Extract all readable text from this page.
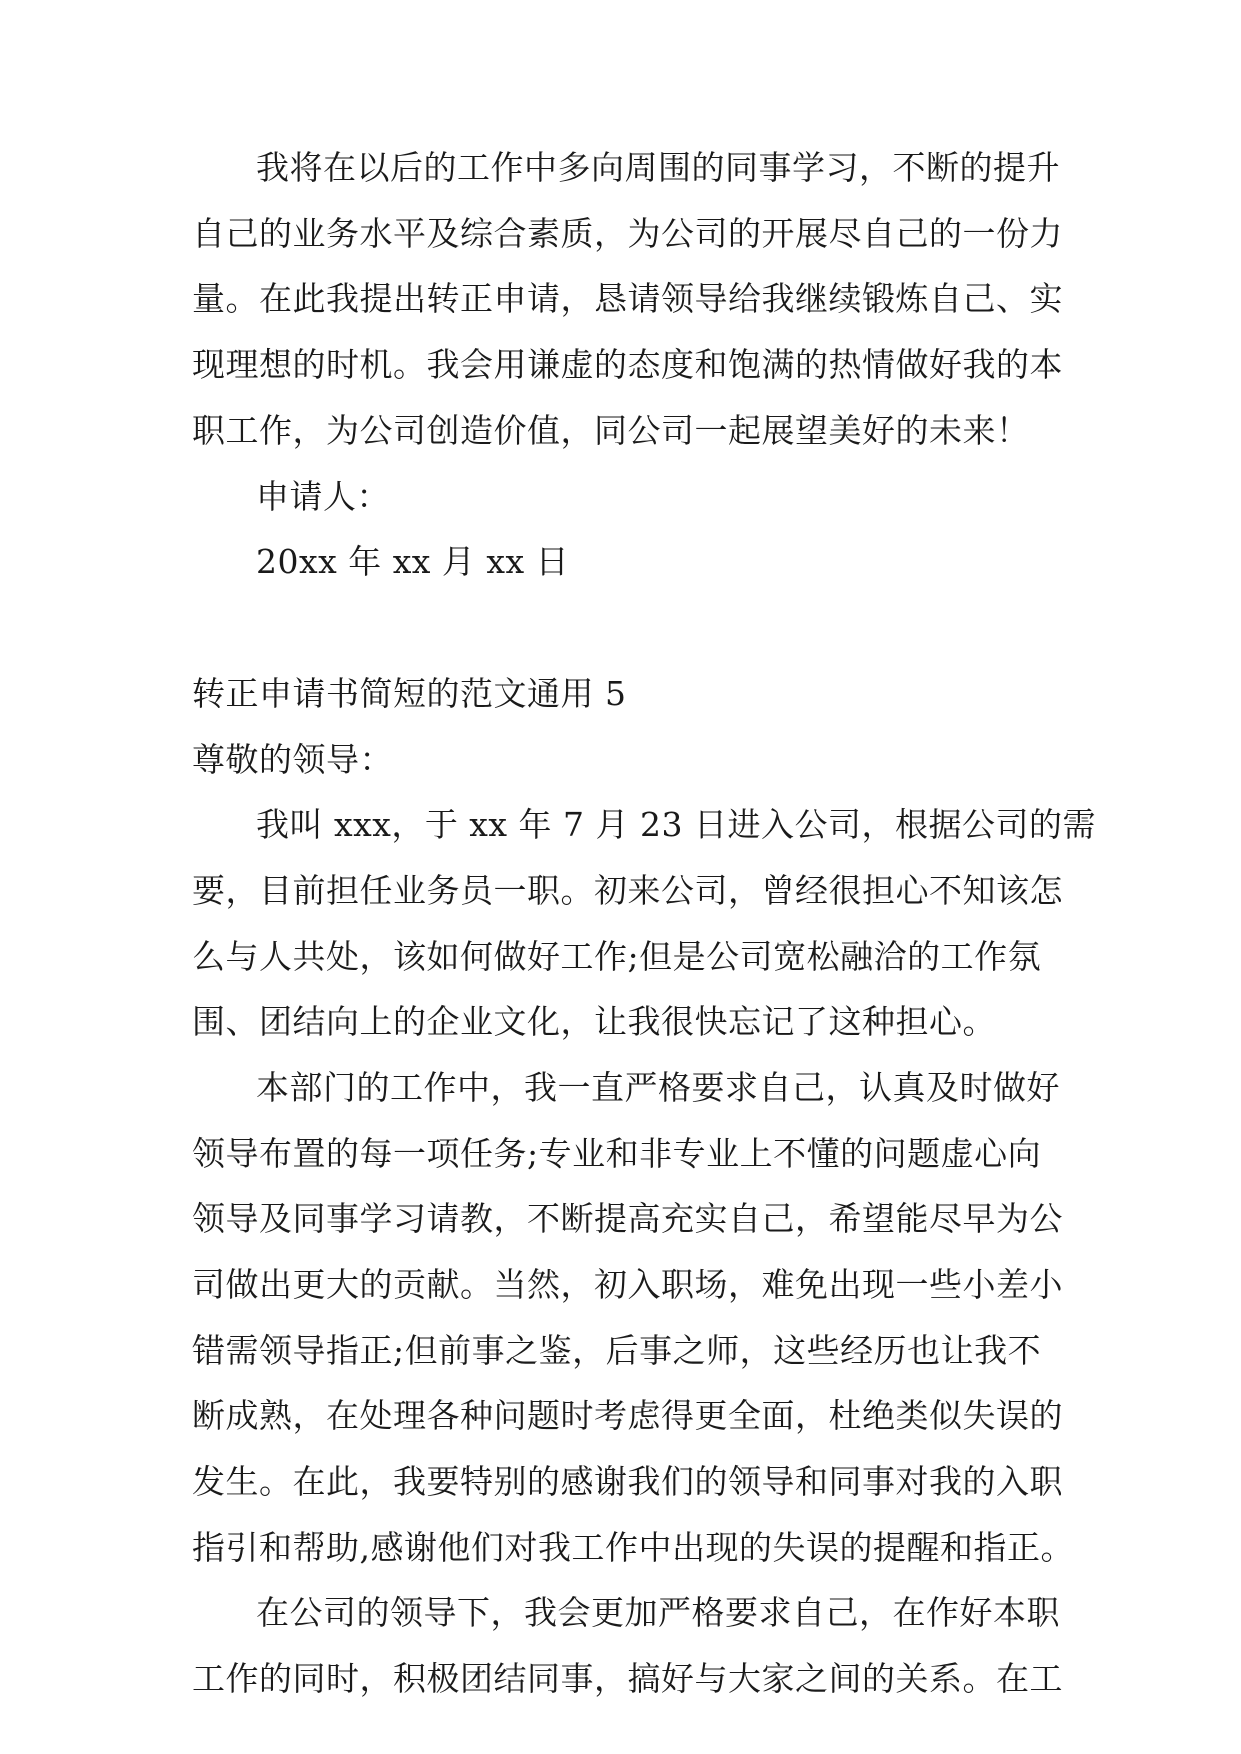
我将在以后的工作中多向周围的同事学习，不断的提升
自己的业务水平及综合素质，为公司的开展尽自己的一份力
量。在此我提出转正申请，恳请领导给我继续锻炼自己、实
现理想的时机。我会用谦虚的态度和饱满的热情做好我的本
职工作，为公司创造价值，同公司一起展望美好的未来！
申请人：
20xx 年 xx 月 xx 日
转正申请书简短的范文通用 5
尊敬的领导：
我叫 xxx，于 xx 年 7 月 23 日进入公司，根据公司的需
要，目前担任业务员一职。初来公司，曾经很担心不知该怎
么与人共处，该如何做好工作;但是公司宽松融洽的工作氛
围、团结向上的企业文化，让我很快忘记了这种担心。
本部门的工作中，我一直严格要求自己，认真及时做好
领导布置的每一项任务;专业和非专业上不懂的问题虚心向
领导及同事学习请教，不断提高充实自己，希望能尽早为公
司做出更大的贡献。当然，初入职场，难免出现一些小差小
错需领导指正;但前事之鉴，后事之师，这些经历也让我不
断成熟，在处理各种问题时考虑得更全面，杜绝类似失误的
发生。在此，我要特别的感谢我们的领导和同事对我的入职
指引和帮助,感谢他们对我工作中出现的失误的提醒和指正。
在公司的领导下，我会更加严格要求自己，在作好本职
工作的同时，积极团结同事，搞好与大家之间的关系。在工
